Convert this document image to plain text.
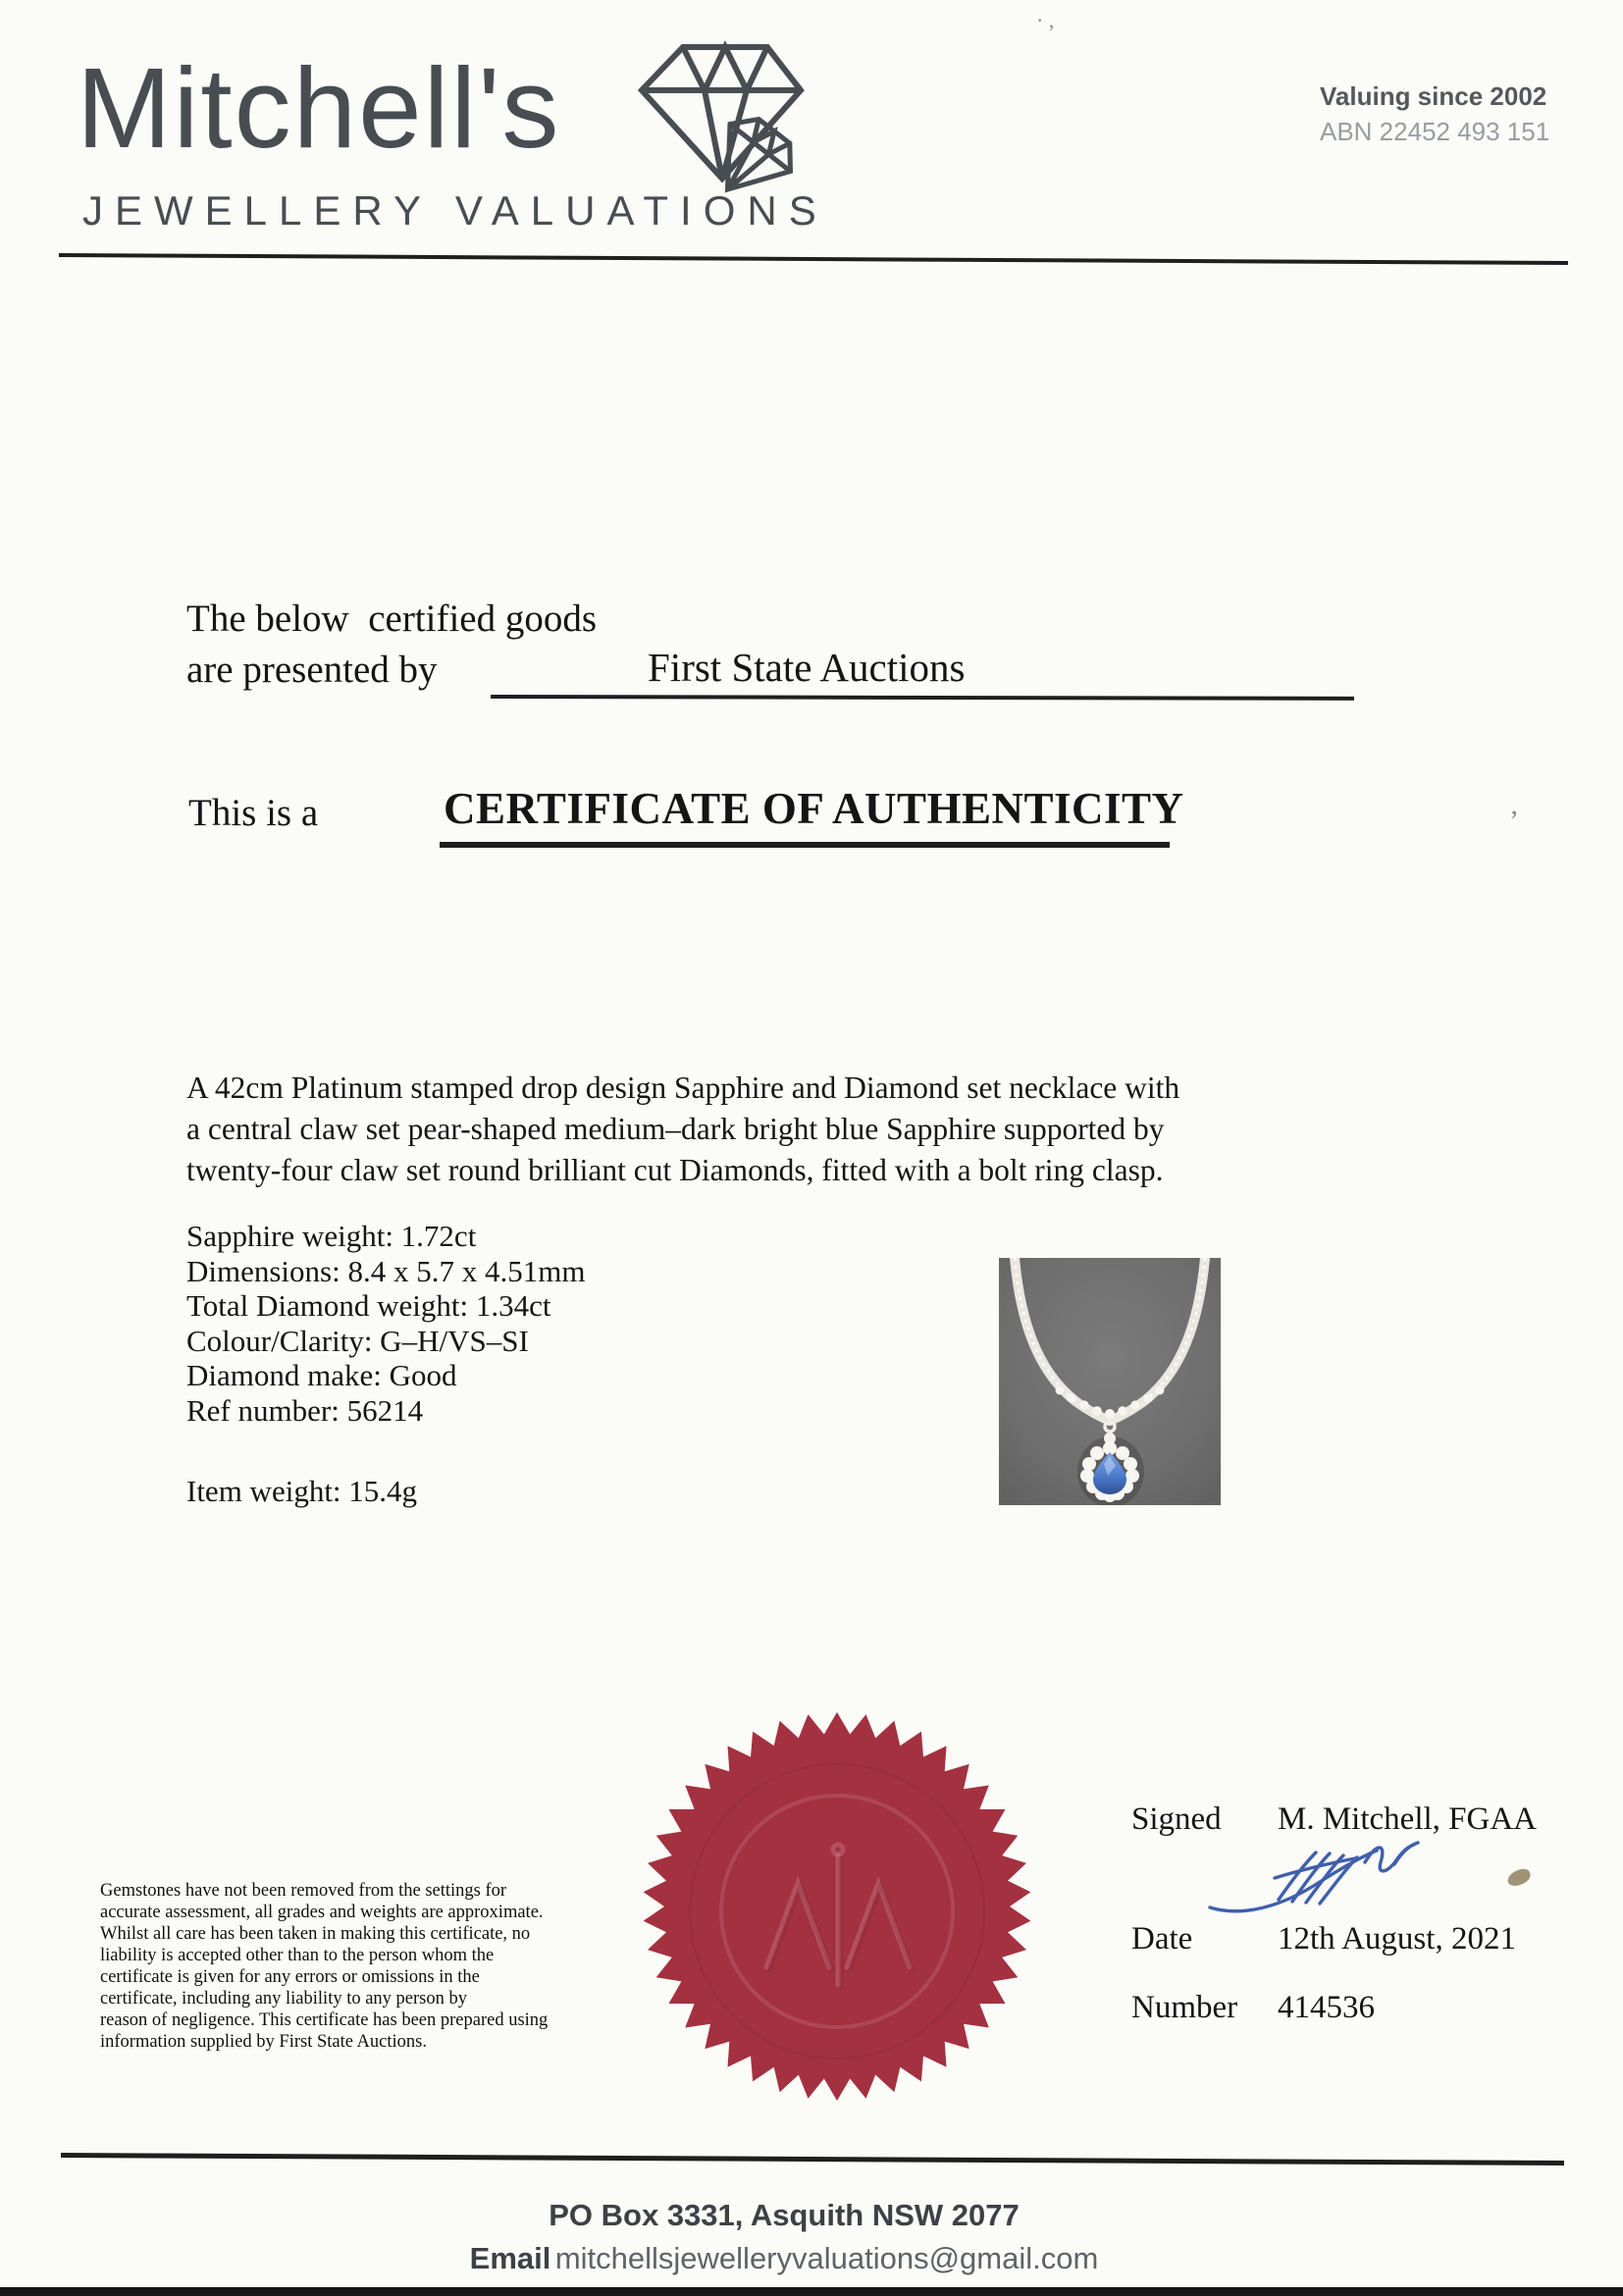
Mitchell's
JEWELLERY VALUATIONS
Valuing since 2002
ABN 22452 493 151
· ,
The below  certified goods
are presented by	First State Auctions
This is a	CERTIFICATE OF AUTHENTICITY	’
A 42cm Platinum stamped drop design Sapphire and Diamond set necklace with
a central claw set pear-shaped medium–dark bright blue Sapphire supported by
twenty-four claw set round brilliant cut Diamonds, fitted with a bolt ring clasp.
Sapphire weight: 1.72ct
Dimensions: 8.4 x 5.7 x 4.51mm
Total Diamond weight: 1.34ct
Colour/Clarity: G–H/VS–SI
Diamond make: Good
Ref number: 56214
Item weight: 15.4g
Gemstones have not been removed from the settings for
accurate assessment, all grades and weights are approximate.
Whilst all care has been taken in making this certificate, no
liability is accepted other than to the person whom the
certificate is given for any errors or omissions in the
certificate, including any liability to any person by
reason of negligence. This certificate has been prepared using
information supplied by First State Auctions.
Signed M. Mitchell, FGAA
Date	12th August, 2021
Number 414536
PO Box 3331, Asquith NSW 2077
Email mitchellsjewelleryvaluations@gmail.com
